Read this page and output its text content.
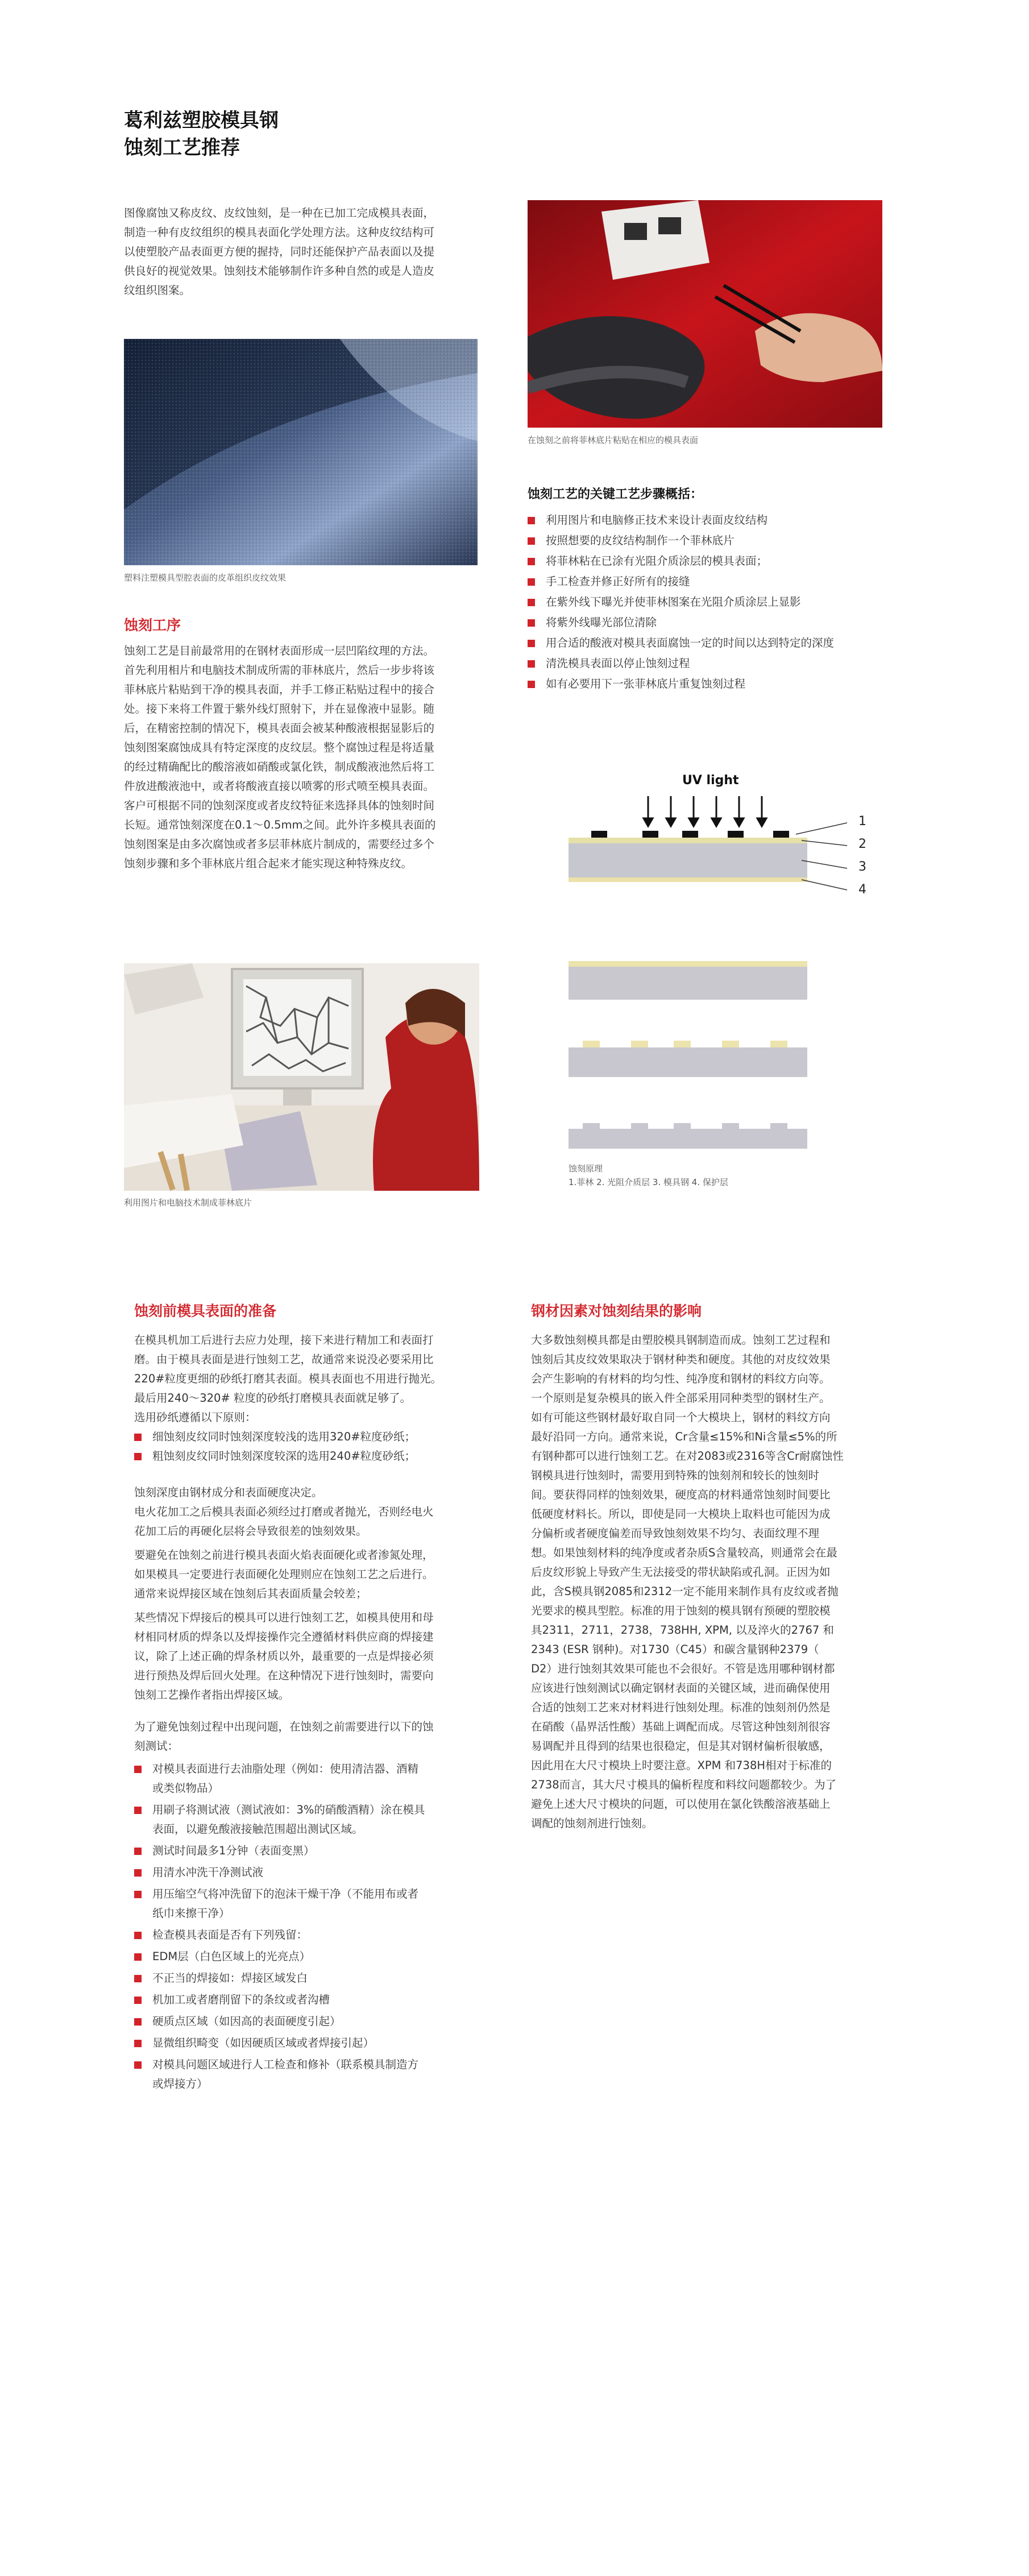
葛利兹塑胶模具钢
蚀刻工艺推荐
图像腐蚀又称皮纹、皮纹蚀刻，是一种在已加工完成模具表面，
制造一种有皮纹组织的模具表面化学处理方法。这种皮纹结构可
以使塑胶产品表面更方便的握持，同时还能保护产品表面以及提
供良好的视觉效果。蚀刻技术能够制作许多种自然的或是人造皮
纹组织图案。
塑料注塑模具型腔表面的皮革组织皮纹效果
蚀刻工序
蚀刻工艺是目前最常用的在钢材表面形成一层凹陷纹理的方法。
首先利用相片和电脑技术制成所需的菲林底片，然后一步步将该
菲林底片粘贴到干净的模具表面，并手工修正粘贴过程中的接合
处。接下来将工件置于紫外线灯照射下，并在显像液中显影。随
后，在精密控制的情况下，模具表面会被某种酸液根据显影后的
蚀刻图案腐蚀成具有特定深度的皮纹层。整个腐蚀过程是将适量
的经过精确配比的酸溶液如硝酸或氯化铁，制成酸液池然后将工
件放进酸液池中，或者将酸液直接以喷雾的形式喷至模具表面。
客户可根据不同的蚀刻深度或者皮纹特征来选择具体的蚀刻时间
长短。通常蚀刻深度在0.1～0.5mm之间。此外许多模具表面的
蚀刻图案是由多次腐蚀或者多层菲林底片制成的，需要经过多个
蚀刻步骤和多个菲林底片组合起来才能实现这种特殊皮纹。
利用图片和电脑技术制成菲林底片
在蚀刻之前将菲林底片粘贴在相应的模具表面
蚀刻工艺的关键工艺步骤概括：
利用图片和电脑修正技术来设计表面皮纹结构
按照想要的皮纹结构制作一个菲林底片
将菲林粘在已涂有光阻介质涂层的模具表面；
手工检查并修正好所有的接缝
在紫外线下曝光并使菲林图案在光阻介质涂层上显影
将紫外线曝光部位清除
用合适的酸液对模具表面腐蚀一定的时间以达到特定的深度
清洗模具表面以停止蚀刻过程
如有必要用下一张菲林底片重复蚀刻过程
UV light
1
2
3
4
蚀刻原理
1.菲林 2. 光阻介质层 3. 模具钢 4. 保护层
蚀刻前模具表面的准备
在模具机加工后进行去应力处理，接下来进行精加工和表面打
磨。由于模具表面是进行蚀刻工艺，故通常来说没必要采用比
220#粒度更细的砂纸打磨其表面。模具表面也不用进行抛光。
最后用240～320# 粒度的砂纸打磨模具表面就足够了。
选用砂纸遵循以下原则：
细蚀刻皮纹同时蚀刻深度较浅的选用320#粒度砂纸；
粗蚀刻皮纹同时蚀刻深度较深的选用240#粒度砂纸；
蚀刻深度由钢材成分和表面硬度决定。
电火花加工之后模具表面必须经过打磨或者抛光，否则经电火
花加工后的再硬化层将会导致很差的蚀刻效果。
要避免在蚀刻之前进行模具表面火焰表面硬化或者渗氮处理，
如果模具一定要进行表面硬化处理则应在蚀刻工艺之后进行。
通常来说焊接区域在蚀刻后其表面质量会较差；
某些情况下焊接后的模具可以进行蚀刻工艺，如模具使用和母
材相同材质的焊条以及焊接操作完全遵循材料供应商的焊接建
议，除了上述正确的焊条材质以外，最重要的一点是焊接必须
进行预热及焊后回火处理。在这种情况下进行蚀刻时，需要向
蚀刻工艺操作者指出焊接区域。
为了避免蚀刻过程中出现问题，在蚀刻之前需要进行以下的蚀
刻测试：
对模具表面进行去油脂处理（例如：使用清洁器、酒精
或类似物品）
用刷子将测试液（测试液如：3%的硝酸酒精）涂在模具
表面，以避免酸液接触范围超出测试区域。
测试时间最多1分钟（表面变黑）
用清水冲洗干净测试液
用压缩空气将冲洗留下的泡沫干燥干净（不能用布或者
纸巾来擦干净）
检查模具表面是否有下列残留：
EDM层（白色区域上的光亮点）
不正当的焊接如：焊接区域发白
机加工或者磨削留下的条纹或者沟槽
硬质点区域（如因高的表面硬度引起）
显微组织畸变（如因硬质区域或者焊接引起）
对模具问题区域进行人工检查和修补（联系模具制造方
或焊接方）
钢材因素对蚀刻结果的影响
大多数蚀刻模具都是由塑胶模具钢制造而成。蚀刻工艺过程和
蚀刻后其皮纹效果取决于钢材种类和硬度。其他的对皮纹效果
会产生影响的有材料的均匀性、纯净度和钢材的料纹方向等。
一个原则是复杂模具的嵌入件全部采用同种类型的钢材生产。
如有可能这些钢材最好取自同一个大模块上，钢材的料纹方向
最好沿同一方向。通常来说，Cr含量≤15%和Ni含量≤5%的所
有钢种都可以进行蚀刻工艺。在对2083或2316等含Cr耐腐蚀性
钢模具进行蚀刻时，需要用到特殊的蚀刻剂和较长的蚀刻时
间。要获得同样的蚀刻效果，硬度高的材料通常蚀刻时间要比
低硬度材料长。所以，即使是同一大模块上取料也可能因为成
分偏析或者硬度偏差而导致蚀刻效果不均匀、表面纹理不理
想。如果蚀刻材料的纯净度或者杂质S含量较高，则通常会在最
后皮纹形貌上导致产生无法接受的带状缺陷或孔洞。正因为如
此，含S模具钢2085和2312一定不能用来制作具有皮纹或者抛
光要求的模具型腔。标准的用于蚀刻的模具钢有预硬的塑胶模
具2311，2711，2738，738HH, XPM, 以及淬火的2767 和
2343 (ESR 钢种)。对1730（C45）和碳含量钢种2379（
D2）进行蚀刻其效果可能也不会很好。不管是选用哪种钢材都
应该进行蚀刻测试以确定钢材表面的关键区域，进而确保使用
合适的蚀刻工艺来对材料进行蚀刻处理。标准的蚀刻剂仍然是
在硝酸（晶界活性酸）基础上调配而成。尽管这种蚀刻剂很容
易调配并且得到的结果也很稳定，但是其对钢材偏析很敏感，
因此用在大尺寸模块上时要注意。XPM 和738H相对于标准的
2738而言，其大尺寸模具的偏析程度和料纹问题都较少。为了
避免上述大尺寸模块的问题，可以使用在氯化铁酸溶液基础上
调配的蚀刻剂进行蚀刻。
